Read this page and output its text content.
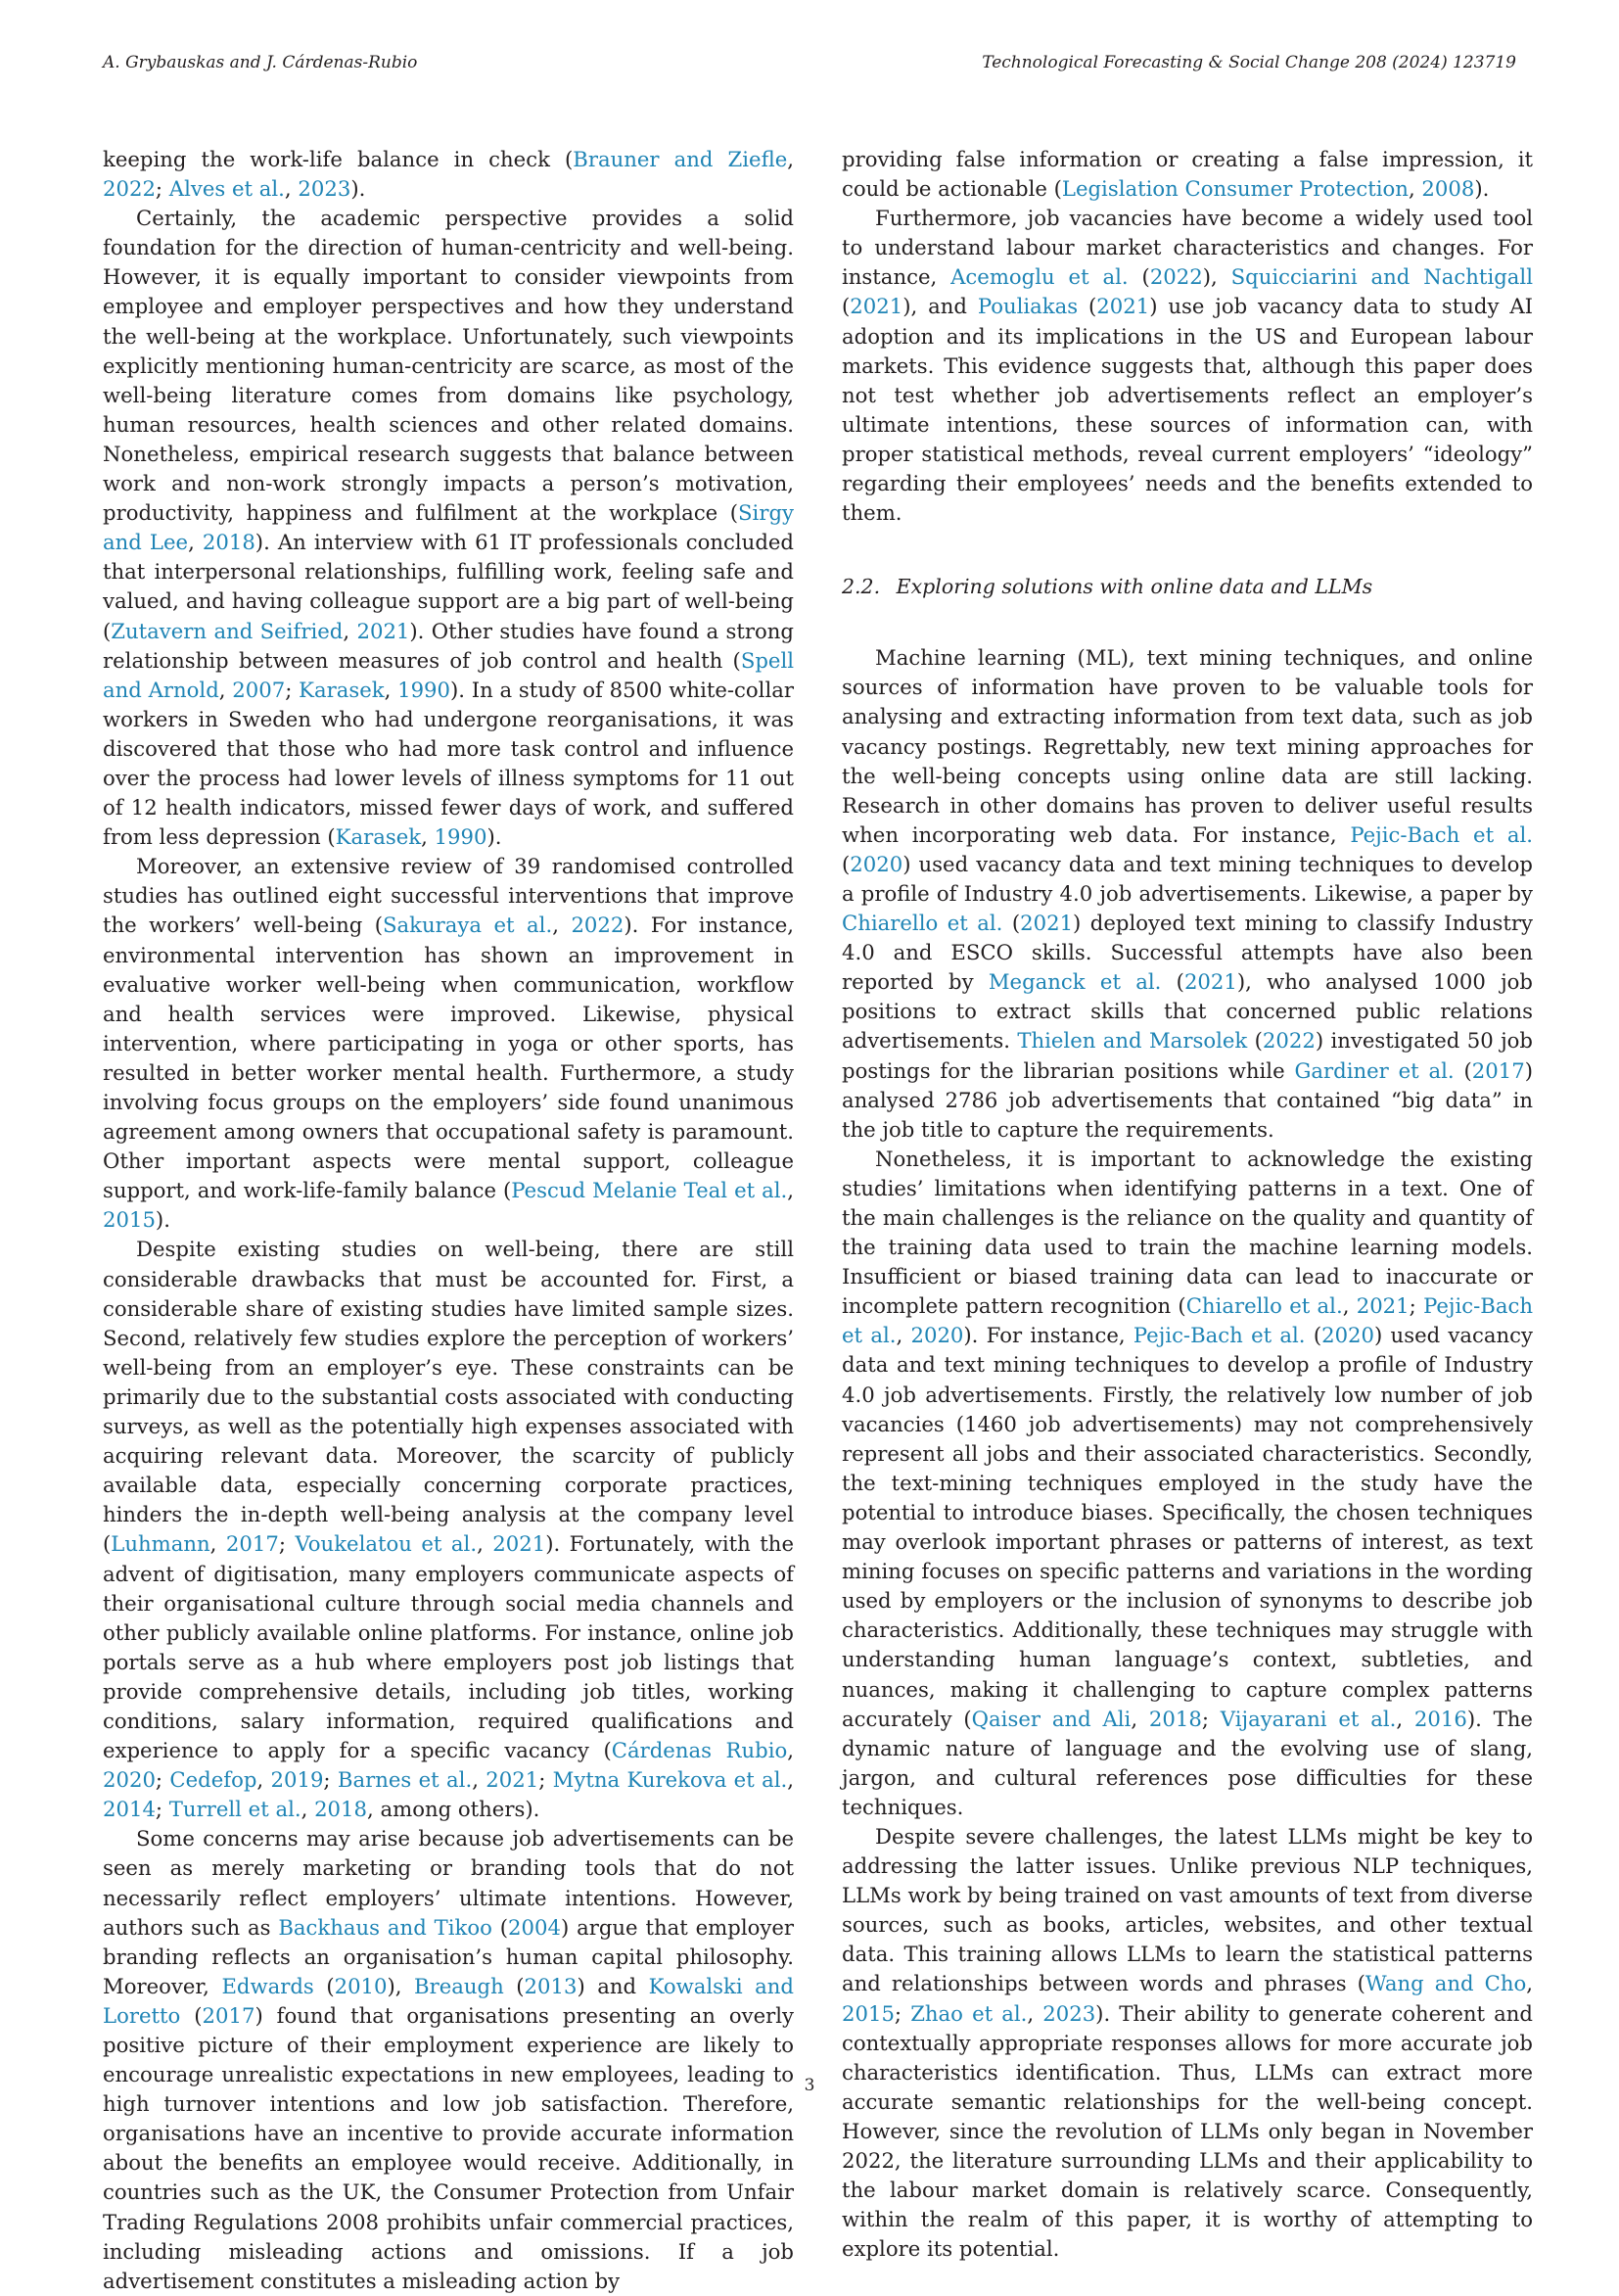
A. Grybauskas and J. Cárdenas-Rubio	Technological Forecasting & Social Change 208 (2024) 123719

keeping the work-life balance in check (Brauner and Ziefle, 2022; Alves et al., 2023).

Certainly, the academic perspective provides a solid foundation for the direction of human-centricity and well-being. However, it is equally important to consider viewpoints from employee and employer perspectives and how they understand the well-being at the workplace. Unfortunately, such viewpoints explicitly mentioning human-centricity are scarce, as most of the well-being literature comes from domains like psychology, human resources, health sciences and other related domains. Nonetheless, empirical research suggests that balance between work and non-work strongly impacts a person’s motivation, productivity, happiness and fulfilment at the workplace (Sirgy and Lee, 2018). An interview with 61 IT professionals concluded that interpersonal relationships, fulfilling work, feeling safe and valued, and having colleague support are a big part of well-being (Zutavern and Seifried, 2021). Other studies have found a strong relationship between measures of job control and health (Spell and Arnold, 2007; Karasek, 1990). In a study of 8500 white-collar workers in Sweden who had undergone reorganisations, it was discovered that those who had more task control and influence over the process had lower levels of illness symptoms for 11 out of 12 health indicators, missed fewer days of work, and suffered from less depression (Karasek, 1990).

Moreover, an extensive review of 39 randomised controlled studies has outlined eight successful interventions that improve the workers’ well-being (Sakuraya et al., 2022). For instance, environmental intervention has shown an improvement in evaluative worker well-being when communication, workflow and health services were improved. Likewise, physical intervention, where participating in yoga or other sports, has resulted in better worker mental health. Furthermore, a study involving focus groups on the employers’ side found unanimous agreement among owners that occupational safety is paramount. Other important aspects were mental support, colleague support, and work-life-family balance (Pescud Melanie Teal et al., 2015).

Despite existing studies on well-being, there are still considerable drawbacks that must be accounted for. First, a considerable share of existing studies have limited sample sizes. Second, relatively few studies explore the perception of workers’ well-being from an employer’s eye. These constraints can be primarily due to the substantial costs associated with conducting surveys, as well as the potentially high expenses associated with acquiring relevant data. Moreover, the scarcity of publicly available data, especially concerning corporate practices, hinders the in-depth well-being analysis at the company level (Luhmann, 2017; Voukelatou et al., 2021). Fortunately, with the advent of digitisation, many employers communicate aspects of their organisational culture through social media channels and other publicly available online platforms. For instance, online job portals serve as a hub where employers post job listings that provide comprehensive details, including job titles, working conditions, salary information, required qualifications and experience to apply for a specific vacancy (Cárdenas Rubio, 2020; Cedefop, 2019; Barnes et al., 2021; Mytna Kurekova et al., 2014; Turrell et al., 2018, among others).

Some concerns may arise because job advertisements can be seen as merely marketing or branding tools that do not necessarily reflect employers’ ultimate intentions. However, authors such as Backhaus and Tikoo (2004) argue that employer branding reflects an organisation’s human capital philosophy. Moreover, Edwards (2010), Breaugh (2013) and Kowalski and Loretto (2017) found that organisations presenting an overly positive picture of their employment experience are likely to encourage unrealistic expectations in new employees, leading to high turnover intentions and low job satisfaction. Therefore, organisations have an incentive to provide accurate information about the benefits an employee would receive. Additionally, in countries such as the UK, the Consumer Protection from Unfair Trading Regulations 2008 prohibits unfair commercial practices, including misleading actions and omissions. If a job advertisement constitutes a misleading action by

providing false information or creating a false impression, it could be actionable (Legislation Consumer Protection, 2008).

Furthermore, job vacancies have become a widely used tool to understand labour market characteristics and changes. For instance, Acemoglu et al. (2022), Squicciarini and Nachtigall (2021), and Pouliakas (2021) use job vacancy data to study AI adoption and its implications in the US and European labour markets. This evidence suggests that, although this paper does not test whether job advertisements reflect an employer’s ultimate intentions, these sources of information can, with proper statistical methods, reveal current employers’ “ideology” regarding their employees’ needs and the benefits extended to them.

2.2. Exploring solutions with online data and LLMs

Machine learning (ML), text mining techniques, and online sources of information have proven to be valuable tools for analysing and extracting information from text data, such as job vacancy postings. Regrettably, new text mining approaches for the well-being concepts using online data are still lacking. Research in other domains has proven to deliver useful results when incorporating web data. For instance, Pejic-Bach et al. (2020) used vacancy data and text mining techniques to develop a profile of Industry 4.0 job advertisements. Likewise, a paper by Chiarello et al. (2021) deployed text mining to classify Industry 4.0 and ESCO skills. Successful attempts have also been reported by Meganck et al. (2021), who analysed 1000 job positions to extract skills that concerned public relations advertisements. Thielen and Marsolek (2022) investigated 50 job postings for the librarian positions while Gardiner et al. (2017) analysed 2786 job advertisements that contained “big data” in the job title to capture the requirements.

Nonetheless, it is important to acknowledge the existing studies’ limitations when identifying patterns in a text. One of the main challenges is the reliance on the quality and quantity of the training data used to train the machine learning models. Insufficient or biased training data can lead to inaccurate or incomplete pattern recognition (Chiarello et al., 2021; Pejic-Bach et al., 2020). For instance, Pejic-Bach et al. (2020) used vacancy data and text mining techniques to develop a profile of Industry 4.0 job advertisements. Firstly, the relatively low number of job vacancies (1460 job advertisements) may not comprehensively represent all jobs and their associated characteristics. Secondly, the text-mining techniques employed in the study have the potential to introduce biases. Specifically, the chosen techniques may overlook important phrases or patterns of interest, as text mining focuses on specific patterns and variations in the wording used by employers or the inclusion of synonyms to describe job characteristics. Additionally, these techniques may struggle with understanding human language’s context, subtleties, and nuances, making it challenging to capture complex patterns accurately (Qaiser and Ali, 2018; Vijayarani et al., 2016). The dynamic nature of language and the evolving use of slang, jargon, and cultural references pose difficulties for these techniques.

Despite severe challenges, the latest LLMs might be key to addressing the latter issues. Unlike previous NLP techniques, LLMs work by being trained on vast amounts of text from diverse sources, such as books, articles, websites, and other textual data. This training allows LLMs to learn the statistical patterns and relationships between words and phrases (Wang and Cho, 2015; Zhao et al., 2023). Their ability to generate coherent and contextually appropriate responses allows for more accurate job characteristics identification. Thus, LLMs can extract more accurate semantic relationships for the well-being concept. However, since the revolution of LLMs only began in November 2022, the literature surrounding LLMs and their applicability to the labour market domain is relatively scarce. Consequently, within the realm of this paper, it is worthy of attempting to explore its potential.

3
